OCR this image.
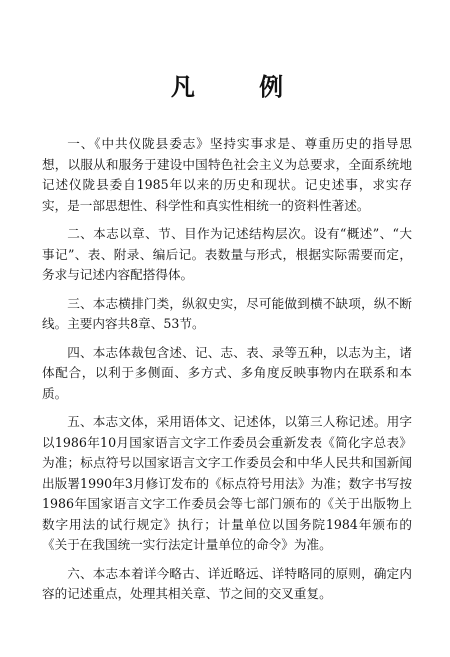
凡 例

一、《中共仪陇县委志》坚持实事求是、尊重历史的指导思想，以服从和服务于建设中国特色社会主义为总要求，全面系统地记述仪陇县委自1985年以来的历史和现状。记史述事，求实存实，是一部思想性、科学性和真实性相统一的资料性著述。

二、本志以章、节、目作为记述结构层次。设有“概述”、“大事记”、表、附录、编后记。表数量与形式，根据实际需要而定，务求与记述内容配搭得体。

三、本志横排门类，纵叙史实，尽可能做到横不缺项，纵不断线。主要内容共8章、53节。

四、本志体裁包含述、记、志、表、录等五种，以志为主，诸体配合，以利于多侧面、多方式、多角度反映事物内在联系和本质。

五、本志文体，采用语体文、记述体，以第三人称记述。用字以1986年10月国家语言文字工作委员会重新发表《简化字总表》为准；标点符号以国家语言文字工作委员会和中华人民共和国新闻出版署1990年3月修订发布的《标点符号用法》为准；数字书写按1986年国家语言文字工作委员会等七部门颁布的《关于出版物上数字用法的试行规定》执行；计量单位以国务院1984年颁布的《关于在我国统一实行法定计量单位的命令》为准。

六、本志本着详今略古、详近略远、详特略同的原则，确定内容的记述重点，处理其相关章、节之间的交叉重复。
